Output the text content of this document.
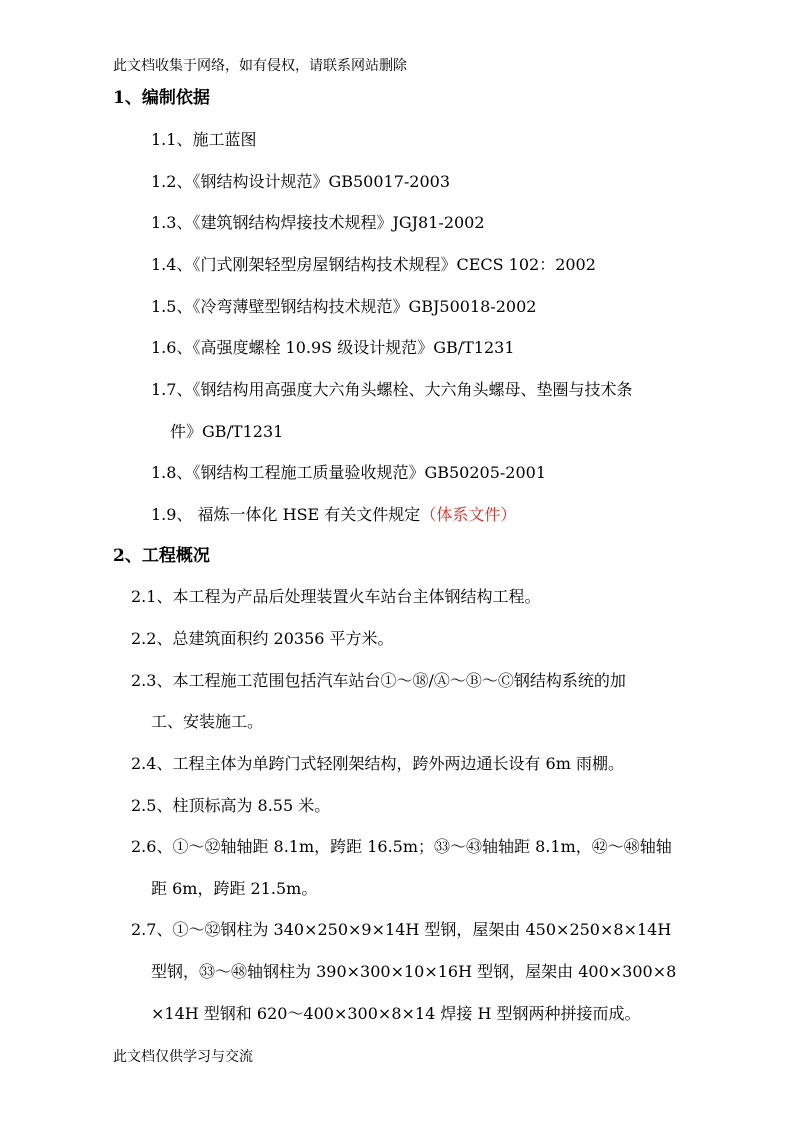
此文档收集于网络，如有侵权，请联系网站删除
1、编制依据
1.1、施工蓝图
1.2、《钢结构设计规范》GB50017-2003
1.3、《建筑钢结构焊接技术规程》JGJ81-2002
1.4、《门式刚架轻型房屋钢结构技术规程》CECS 102：2002
1.5、《冷弯薄壁型钢结构技术规范》GBJ50018-2002
1.6、《高强度螺栓 10.9S 级设计规范》GB/T1231
1.7、《钢结构用高强度大六角头螺栓、大六角头螺母、垫圈与技术条
件》GB/T1231
1.8、《钢结构工程施工质量验收规范》GB50205-2001
1.9、 福炼一体化 HSE 有关文件规定（体系文件）
2、工程概况
2.1、本工程为产品后处理装置火车站台主体钢结构工程。
2.2、总建筑面积约 20356 平方米。
2.3、本工程施工范围包括汽车站台①～⑱/Ⓐ～Ⓑ～Ⓒ钢结构系统的加
工、安装施工。
2.4、工程主体为单跨门式轻刚架结构，跨外两边通长设有 6m 雨棚。
2.5、柱顶标高为 8.55 米。
2.6、①～㉜轴轴距 8.1m，跨距 16.5m；㉝～㊸轴轴距 8.1m，㊷～㊽轴轴
距 6m，跨距 21.5m。
2.7、①～㉜钢柱为 340×250×9×14H 型钢，屋架由 450×250×8×14H
型钢，㉝～㊽轴钢柱为 390×300×10×16H 型钢，屋架由 400×300×8
×14H 型钢和 620～400×300×8×14 焊接 H 型钢两种拼接而成。
此文档仅供学习与交流
